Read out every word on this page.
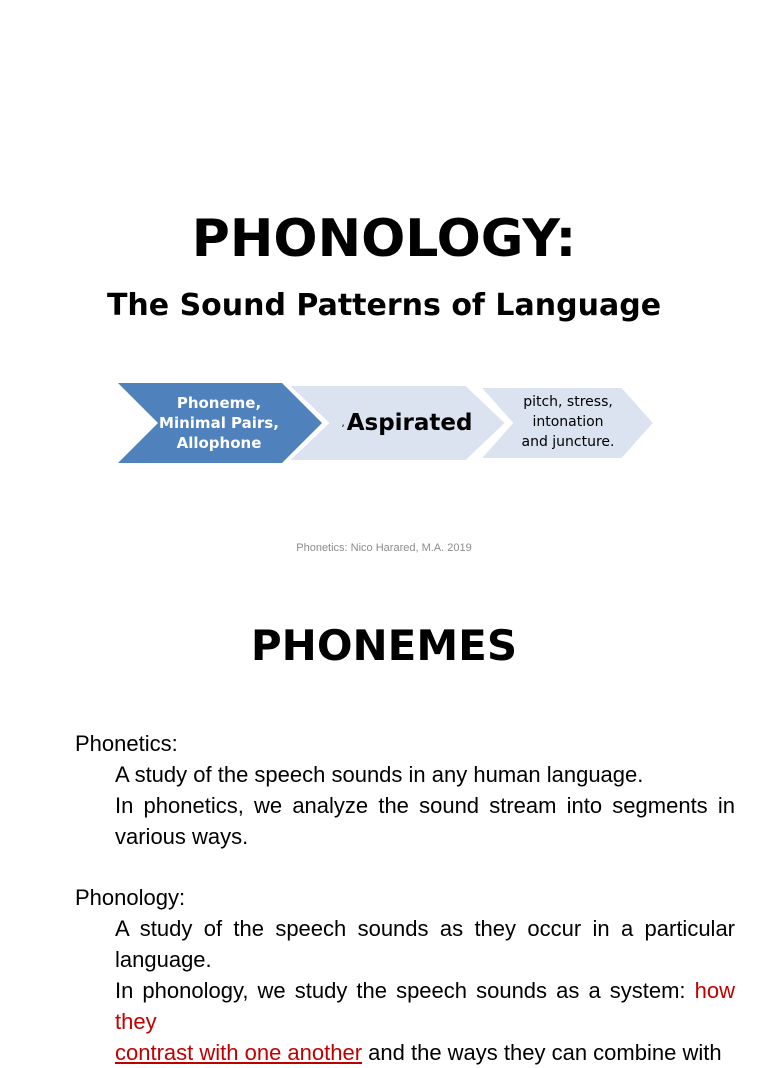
PHONOLOGY:
The Sound Patterns of Language
Phoneme,
Minimal Pairs,
Allophone
, Aspirated
pitch, stress,
intonation
and juncture.
Phonetics: Nico Harared, M.A. 2019
PHONEMES
Phonetics:
A study of the speech sounds in any human language.
In phonetics, we analyze the sound stream into segments in various ways.
Phonology:
A study of the speech sounds as they occur in a particular language.
In phonology, we study the speech sounds as a system: how they
contrast with one another and the ways they can combine with
